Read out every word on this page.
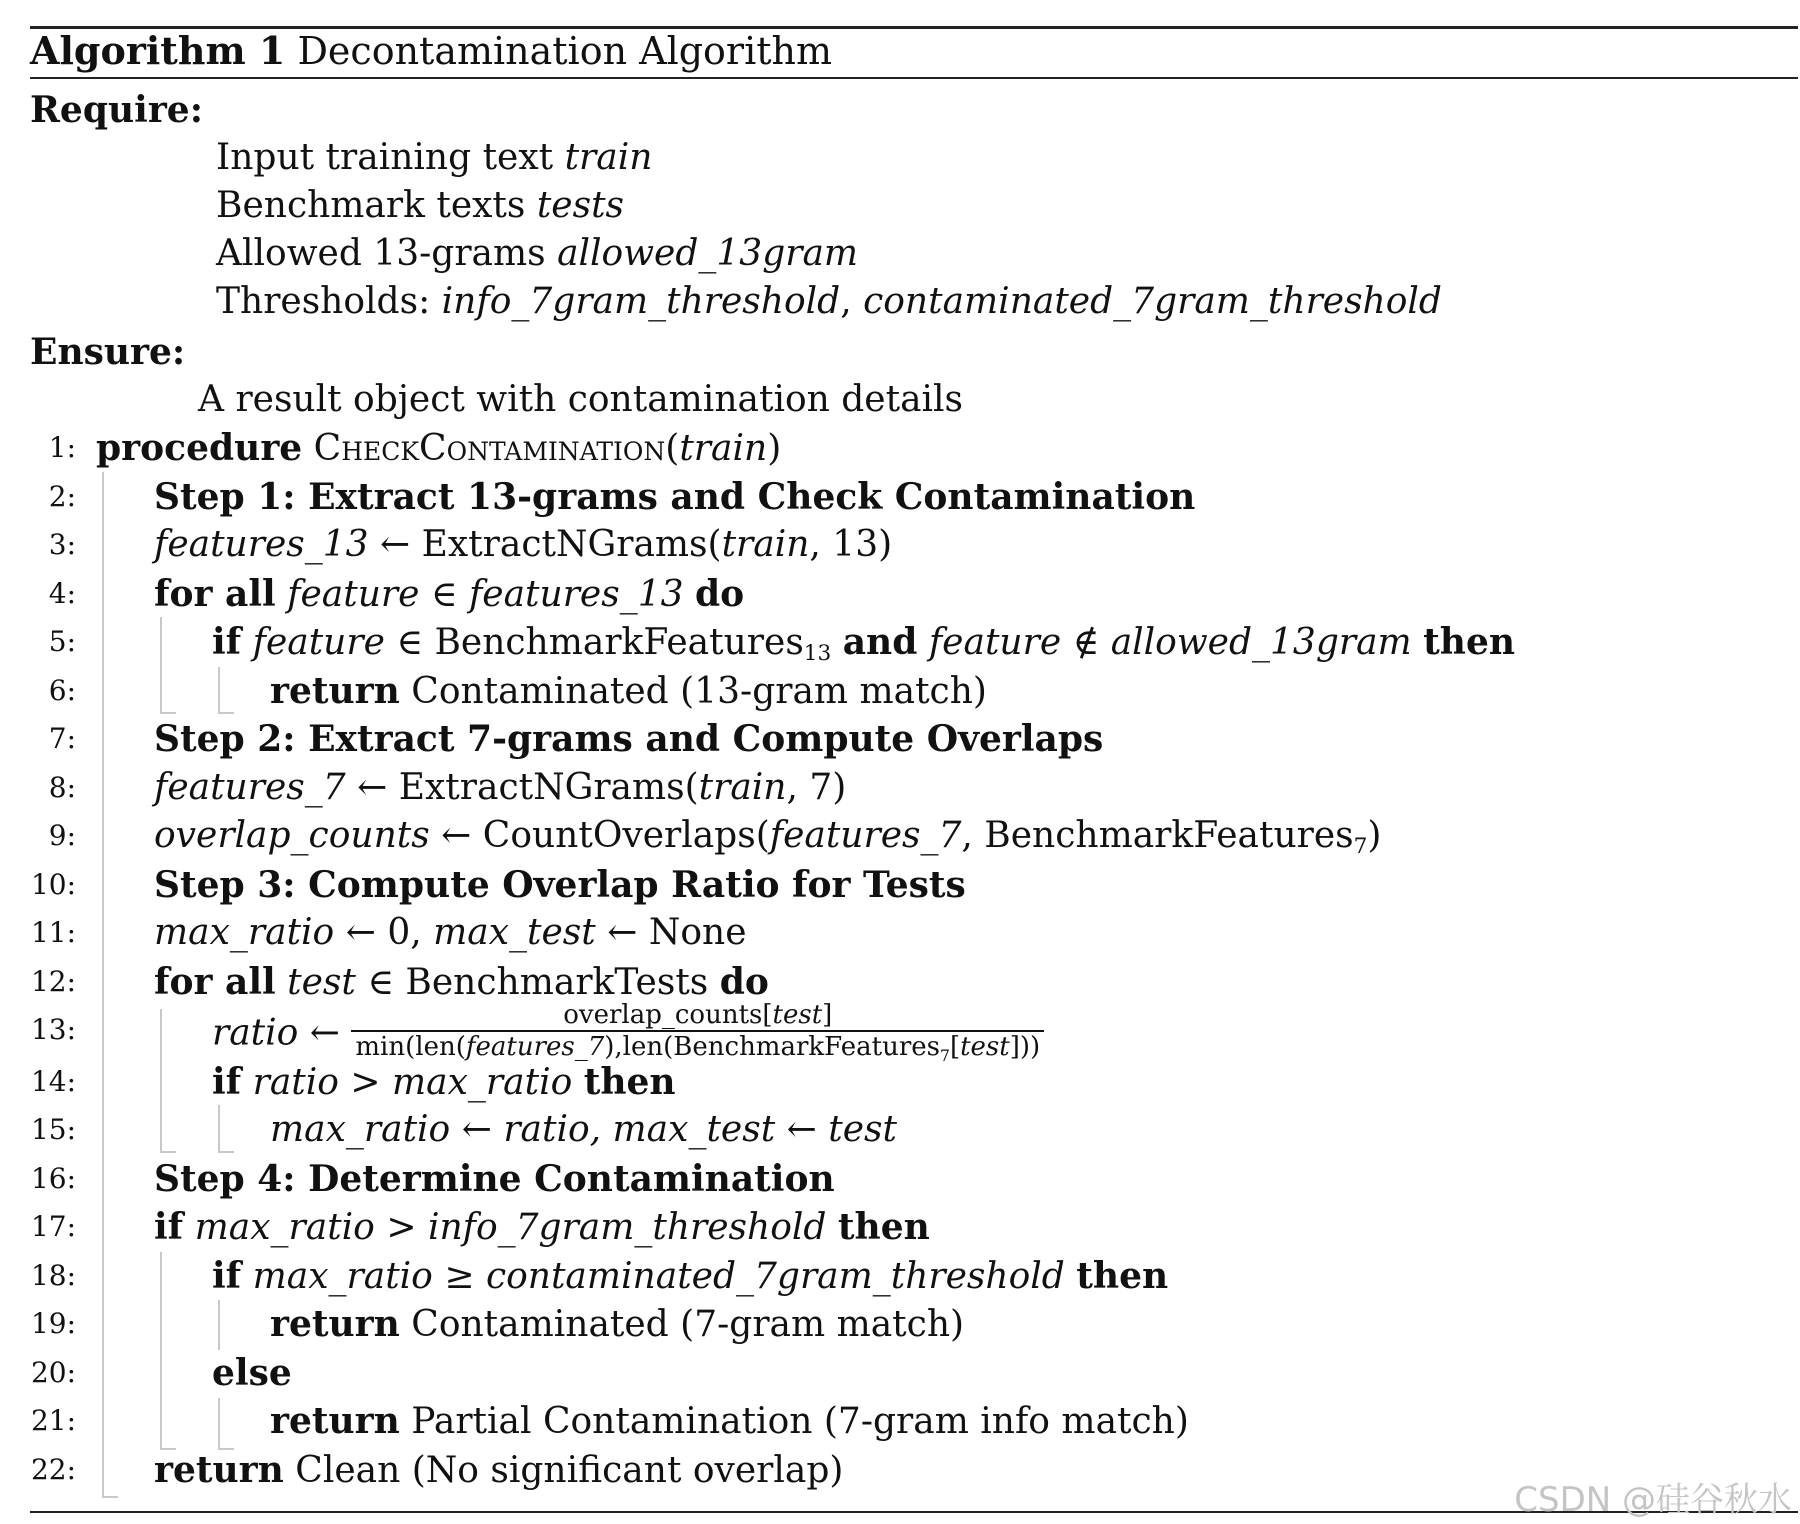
Algorithm 1 Decontamination Algorithm
Require:
Input training text train
Benchmark texts tests
Allowed 13-grams allowed_13gram
Thresholds: info_7gram_threshold, contaminated_7gram_threshold
Ensure:
A result object with contamination details
1: procedure CheckContamination(train)
2: Step 1: Extract 13-grams and Check Contamination
3: features_13 ← ExtractNGrams(train, 13)
4: for all feature ∈ features_13 do
5:	if feature ∈ BenchmarkFeatures$_{13}$ and feature ∉ allowed_13gram then
6:	return Contaminated (13-gram match)
7: Step 2: Extract 7-grams and Compute Overlaps
8: features_7 ← ExtractNGrams(train, 7)
9: overlap_counts ← CountOverlaps(features_7, BenchmarkFeatures$_7$)
10: Step 3: Compute Overlap Ratio for Tests
11: max_ratio ← 0, max_test ← None
12: for all test ∈ BenchmarkTests do
13:	ratio ← $\frac{\text{overlap\_counts[test]}}{\min(len(features\_7),len(BenchmarkFeatures_7[test]))}$
14:	if ratio > max_ratio then
15:	max_ratio ← ratio, max_test ← test
16: Step 4: Determine Contamination
17: if max_ratio > info_7gram_threshold then
18:	if max_ratio ≥ contaminated_7gram_threshold then
19:	return Contaminated (7-gram match)
20:	else
21:	return Partial Contamination (7-gram info match)
22: return Clean (No significant overlap)
CSDN @硅谷秋水
